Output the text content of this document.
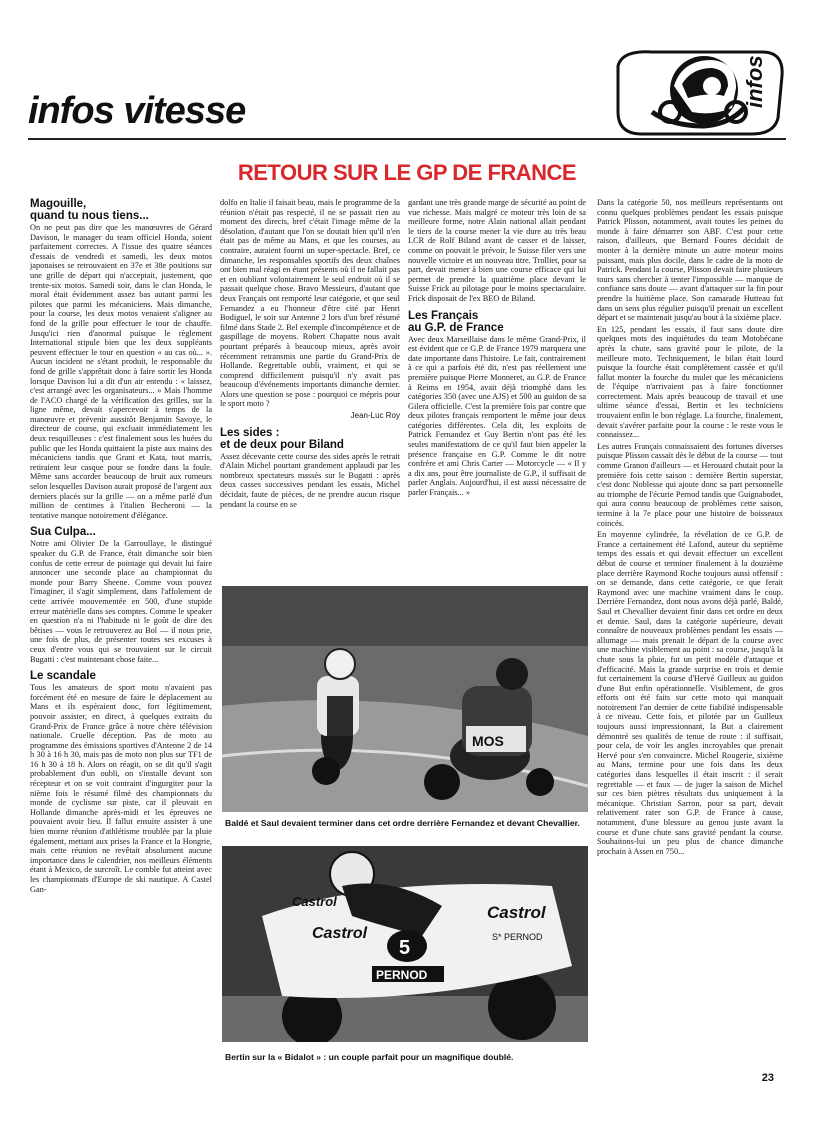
infos vitesse
infos
RETOUR SUR LE GP DE FRANCE
Magouille,
quand tu nous tiens...

On ne peut pas dire que les manœuvres de Gérard Davison, le manager du team officiel Honda, soient parfaitement correctes. A l'issue des quatre séances d'essais de vendredi et samedi, les deux motos japonaises se retrouvaient en 37e et 38e positions sur une grille de départ qui n'acceptait, justement, que trente-six motos. Samedi soir, dans le clan Honda, le moral était évidemment assez bas autant parmi les pilotes que parmi les mécaniciens. Mais dimanche, pour la course, les deux motos venaient s'aligner au fond de la grille pour effectuer le tour de chauffe. Jusqu'ici rien d'anormal puisque le règlement International stipule bien que les deux suppléants peuvent effectuer le tour en question « au cas où... ». Aucun incident ne s'étant produit, le responsable du fond de grille s'apprêtait donc à faire sortir les Honda lorsque Davison lui a dit d'un air entendu : « laissez, c'est arrangé avec les organisateurs... » Mais l'homme de l'ACO chargé de la vérification des grilles, sur la ligne même, devait s'apercevoir à temps de la manœuvre et prévenir aussitôt Benjamin Savoye, le directeur de course, qui excluait immédiatement les deux resquilleuses : c'est finalement sous les huées du public que les Honda quittaient la piste aux mains des mécaniciens tandis que Grant et Kata, tout marris, retiraient leur casque pour se fondre dans la foule. Même sans accorder beaucoup de bruit aux rumeurs selon lesquelles Davison aurait proposé de l'argent aux derniers placés sur la grille — on a même parlé d'un million de centimes à l'italien Becheroni — la tentative manque notoirement d'élégance.

Sua Culpa...

Notre ami Olivier De la Garroullaye, le distingué speaker du G.P. de France, était dimanche soir bien confus de cette erreur de pointage qui devait lui faire annoncer une seconde place au championnat du monde pour Barry Sheene. Comme vous pouvez l'imaginer, il s'agit simplement, dans l'affolement de cette arrivée mouvementée en 500, d'une stupide erreur matérielle dans ses comptes. Comme le speaker en question n'a ni l'habitude ni le goût de dire des bêtises — vous le retrouverez au Bol — il nous prie, une fois de plus, de présenter toutes ses excuses à ceux d'entre vous qui se trouvaient sur le circuit Bugatti : c'est maintenant chose faite...

Le scandale

Tous les amateurs de sport moto n'avaient pas forcément été en mesure de faire le déplacement au Mans et ils espéraient donc, fort légitimement, pouvoir assister, en direct, à quelques extraits du Grand-Prix de France grâce à notre chère télévision nationale. Cruelle déception. Pas de moto au programme des émissions sportives d'Antenne 2 de 14 h 30 à 16 h 30, mais pas de moto non plus sur TF1 de 16 h 30 à 18 h. Alors on réagit, on se dit qu'il s'agit probablement d'un oubli, on s'installe devant son récepteur et on se voit contraint d'ingurgiter pour la nième fois le résumé filmé des championnats du monde de cyclisme sur piste, car il pleuvait en Hollande dimanche après-midi et les épreuves ne pouvaient avoir lieu. Il fallut ensuite assister à une bien morne réunion d'athlétisme troublée par la pluie également, mettant aux prises la France et la Hongrie, mais cette réunion ne revêtait absolument aucune importance dans le calendrier, nos meilleurs éléments étant à Mexico, de surcroît. Le comble fut atteint avec les championnats d'Europe de ski nautique. A Castel Gan-

dolfo en Italie il faisait beau, mais le programme de la réunion n'était pas respecté, il ne se passait rien au moment des directs, bref c'était l'image même de la désolation, d'autant que l'on se doutait bien qu'il n'en était pas de même au Mans, et que les courses, au contraire, auraient fourni un super-spectacle. Bref, ce dimanche, les responsables sportifs des deux chaînes ont bien mal réagi en étant présents où il ne fallait pas et en oubliant volontairement le seul endroit où il se passait quelque chose. Bravo Messieurs, d'autant que deux Français ont remporté leur catégorie, et que seul Fernandez a eu l'honneur d'être cité par Henri Bodiguel, le soir sur Antenne 2 lors d'un bref résumé filmé dans Stade 2. Bel exemple d'incompétence et de gaspillage de moyens. Robert Chapatte nous avait pourtant préparés à beaucoup mieux, après avoir récemment retransmis une partie du Grand-Prix de Hollande. Regrettable oubli, vraiment, et qui se comprend difficilement puisqu'il n'y avait pas beaucoup d'événements importants dimanche dernier. Alors une question se pose : pourquoi ce mépris pour le sport moto ?

Jean-Luc Roy
Les sides :
et de deux pour Biland

Assez décevante cette course des sides après le retrait d'Alain Michel pourtant grandement applaudi par les nombreux spectateurs massés sur le Bugatti : après deux casses successives pendant les essais, Michel décidait, faute de pièces, de ne prendre aucun risque pendant la course en se

gardant une très grande marge de sécurité au point de vue richesse. Mais malgré ce moteur très loin de sa meilleure forme, notre Alain national allait pendant le tiers de la course mener la vie dure au très beau LCR de Rolf Biland avant de casser et de laisser, comme on pouvait le prévoir, le Suisse filer vers une nouvelle victoire et un nouveau titre. Trolliet, pour sa part, devait mener à bien une course efficace qui lui permet de prendre la quatrième place devant le Suisse Frick au pilotage pour le moins spectaculaire. Frick disposait de l'ex BEO de Biland.

Les Français
au G.P. de France

Avec deux Marseillaise dans le même Grand-Prix, il est évident que ce G.P. de France 1979 marquera une date importante dans l'histoire. Le fait, contrairement à ce qui a parfois été dit, n'est pas réellement une première puisque Pierre Monneret, au G.P. de France à Reims en 1954, avait déjà triomphé dans les catégories 350 (avec une AJS) et 500 au guidon de sa Gilera officielle. C'est la première fois par contre que deux pilotes français remportent le même jour deux catégories différentes. Cela dit, les exploits de Patrick Fernandez et Guy Bertin n'ont pas été les seules manifestations de ce qu'il faut bien appeler la présence française en G.P. Comme le dit notre confrère et ami Chris Carter — Motorcycle — « Il y a dix ans, pour être journaliste de G.P., il suffisait de parler Anglais. Aujourd'hui, il est aussi nécessaire de parler Français... »

Dans la catégorie 50, nos meilleurs représentants ont connu quelques problèmes pendant les essais puisque Patrick Plisson, notamment, avait toutes les peines du monde à faire démarrer son ABF. C'est pour cette raison, d'ailleurs, que Bernard Foures décidait de monter à la dernière minute un autre moteur moins puissant, mais plus docile, dans le cadre de la moto de Patrick. Pendant la course, Plisson devait faire plusieurs tours sans chercher à tenter l'impossible — manque de confiance sans doute — avant d'attaquer sur la fin pour prendre la huitième place. Son camarade Hutteau fut dans un sens plus régulier puisqu'il prenait un excellent départ et se maintenait jusqu'au bout à la sixième place.

En 125, pendant les essais, il faut sans doute dire quelques mots des inquiétudes du team Motobécane après la chute, sans gravité pour le pilote, de la meilleure moto. Techniquement, le bilan était lourd puisque la fourche était complètement cassée et qu'il fallut monter la fourche du mulet que les mécaniciens de l'équipe n'arrivaient pas à faire fonctionner correctement. Mais après beaucoup de travail et une ultime séance d'essai, Bertin et les techniciens trouvaient enfin le bon réglage. La fourche, finalement, devait s'avérer parfaite pour la course : le reste vous le connaissez...

Les autres Français connaissaient des fortunes diverses puisque Plisson cassait dès le début de la course — tout comme Granon d'ailleurs — et Herouard chutait pour la première fois cette saison : dernière Bertin superstar, c'est donc Noblesse qui ajoute donc sa part personnelle au triomphe de l'écurie Pernod tandis que Guignabodet, qui aura connu beaucoup de problèmes cette saison, termine à la 7e place pour une histoire de boisseaux coincés.

En moyenne cylindrée, la révélation de ce G.P. de France a certainement été Lafond, auteur du septième temps des essais et qui devait effectuer un excellent début de course et terminer finalement à la douzième place derrière Raymond Roche toujours aussi offensif : on se demande, dans cette catégorie, ce que ferait Raymond avec une machine vraiment dans le coup. Derrière Fernandez, dont nous avons déjà parlé, Baldé, Saul et Chevallier devaient finir dans cet ordre en deux et demie. Saul, dans la catégorie supérieure, devait connaître de nouveaux problèmes pendant les essais — allumage — mais prenait le départ de la course avec une machine visiblement au point : sa course, jusqu'à la chute sous la pluie, fut un petit modèle d'attaque et d'efficacité. Mais la grande surprise en trois et demie fut certainement la course d'Hervé Guilleux au guidon d'une But enfin opérationnelle. Visiblement, de gros efforts ont été faits sur cette moto qui manquait notoirement l'an dernier de cette fiabilité indispensable à ce niveau. Cette fois, et pilotée par un Guilleux toujours aussi impressionnant, la But a clairement démontré ses qualités de tenue de route : il suffisait, pour cela, de voir les angles incroyables que prenait Hervé pour s'en convaincre. Michel Rougerie, sixième au Mans, termine pour une fois dans les deux catégories dans lesquelles il était inscrit : il serait regrettable — et faux — de juger la saison de Michel sur ces bien piètres résultats dus uniquement à la mécanique. Christian Sarron, pour sa part, devait relativement rater son G.P. de France à cause, notamment, d'une blessure au genou juste avant la course et d'une chute sans gravité pendant la course. Souhaitons-lui un peu plus de chance dimanche prochain à Assen en 750...

MOS
Baldé et Saul devaient terminer dans cet ordre derrière Fernandez et devant Chevallier.
Castrol
Castrol
Castrol
S* PERNOD
5
PERNOD
Bertin sur la « Bidalot » : un couple parfait pour un magnifique doublé.
23
